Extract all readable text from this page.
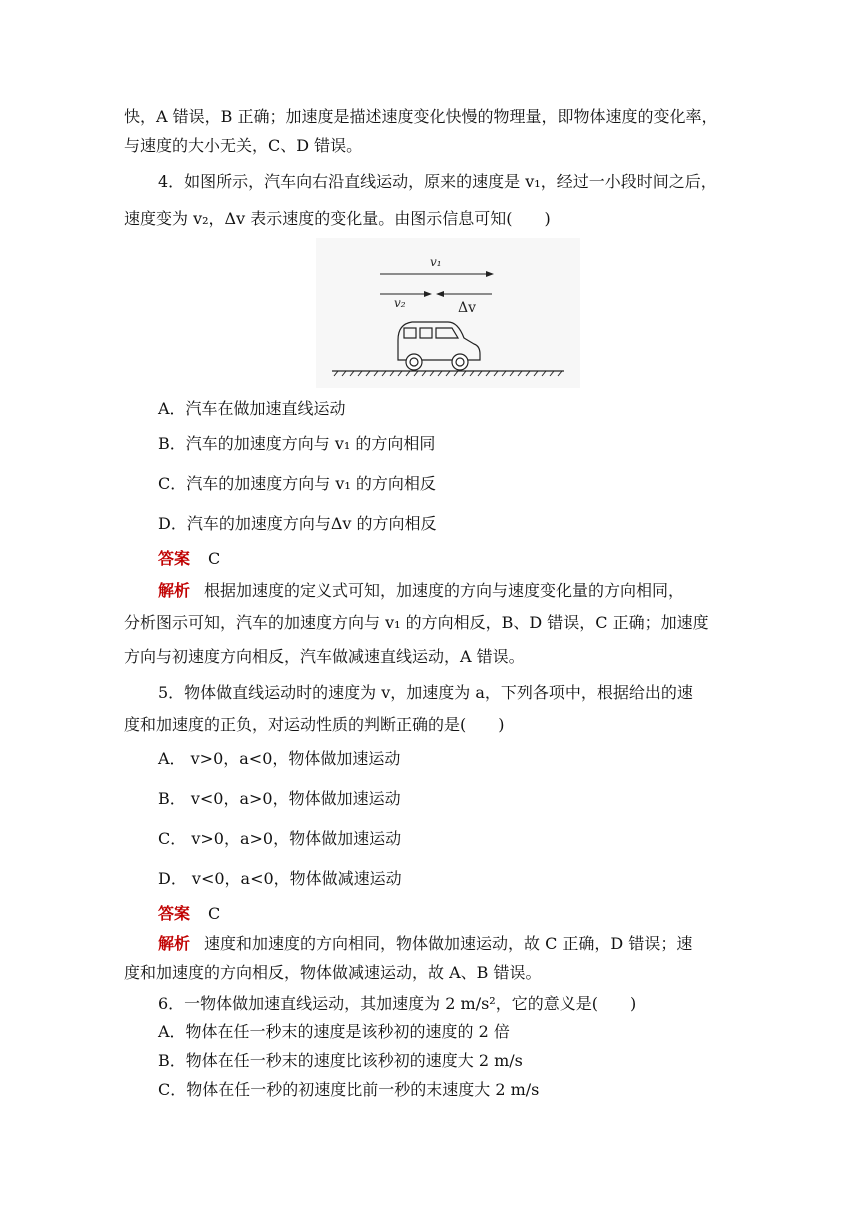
快，A 错误，B 正确；加速度是描述速度变化快慢的物理量，即物体速度的变化率，
与速度的大小无关，C、D 错误。
4．如图所示，汽车向右沿直线运动，原来的速度是 v₁，经过一小段时间之后，
速度变为 v₂，Δv 表示速度的变化量。由图示信息可知(　　)
v₁
v₂	Δv
A．汽车在做加速直线运动
B．汽车的加速度方向与 v₁ 的方向相同
C．汽车的加速度方向与 v₁ 的方向相反
D．汽车的加速度方向与Δv 的方向相反
答案 C
解析 根据加速度的定义式可知，加速度的方向与速度变化量的方向相同，
分析图示可知，汽车的加速度方向与 v₁ 的方向相反，B、D 错误，C 正确；加速度
方向与初速度方向相反，汽车做减速直线运动，A 错误。
5．物体做直线运动时的速度为 v，加速度为 a，下列各项中，根据给出的速
度和加速度的正负，对运动性质的判断正确的是(　　)
A． v>0，a<0，物体做加速运动
B． v<0，a>0，物体做加速运动
C． v>0，a>0，物体做加速运动
D． v<0，a<0，物体做减速运动
答案 C
解析 速度和加速度的方向相同，物体做加速运动，故 C 正确，D 错误；速
度和加速度的方向相反，物体做减速运动，故 A、B 错误。
6．一物体做加速直线运动，其加速度为 2 m/s²，它的意义是(　　)
A．物体在任一秒末的速度是该秒初的速度的 2 倍
B．物体在任一秒末的速度比该秒初的速度大 2 m/s
C．物体在任一秒的初速度比前一秒的末速度大 2 m/s
